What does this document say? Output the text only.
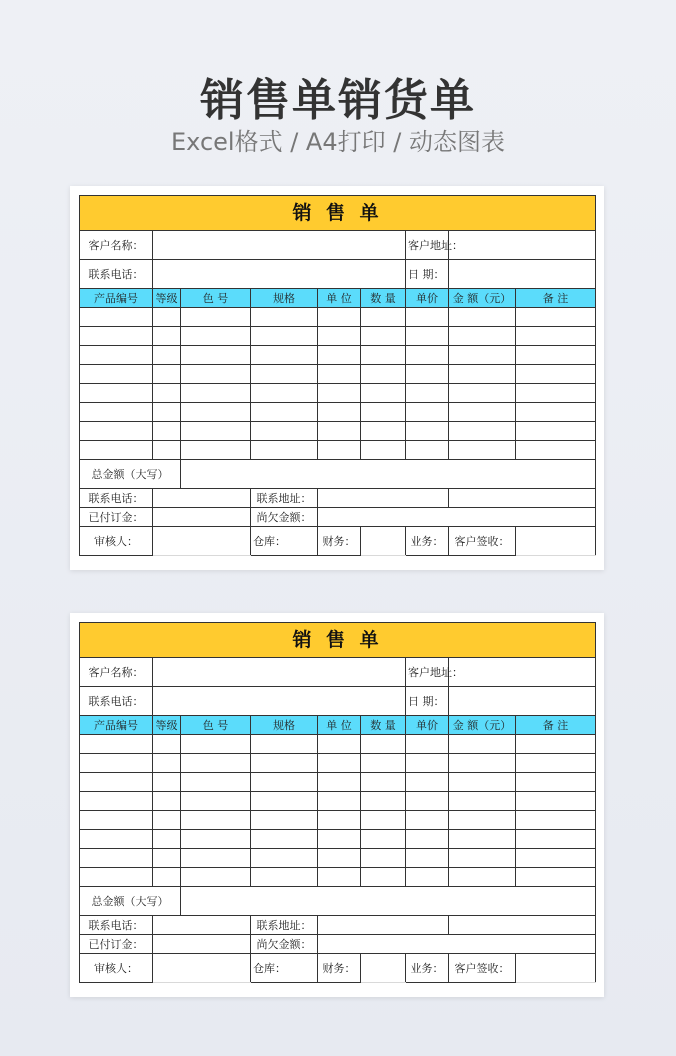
销售单销货单
Excel格式 / A4打印 / 动态图表
销 售 单								
客户名称：						客户地址：		
联系电话：						日 期：		
产品编号	等级	色 号	规格	单 位	数 量	单价	金 额（元）	备 注

总金额（大写）								
联系电话：			联系地址：					
已付订金：			尚欠金额：					
审核人：			仓库：	财务：		业务：	客户签收：	
销 售 单								
客户名称：						客户地址：		
联系电话：						日 期：		
产品编号	等级	色 号	规格	单 位	数 量	单价	金 额（元）	备 注

总金额（大写）								
联系电话：			联系地址：					
已付订金：			尚欠金额：					
审核人：			仓库：	财务：		业务：	客户签收：	
